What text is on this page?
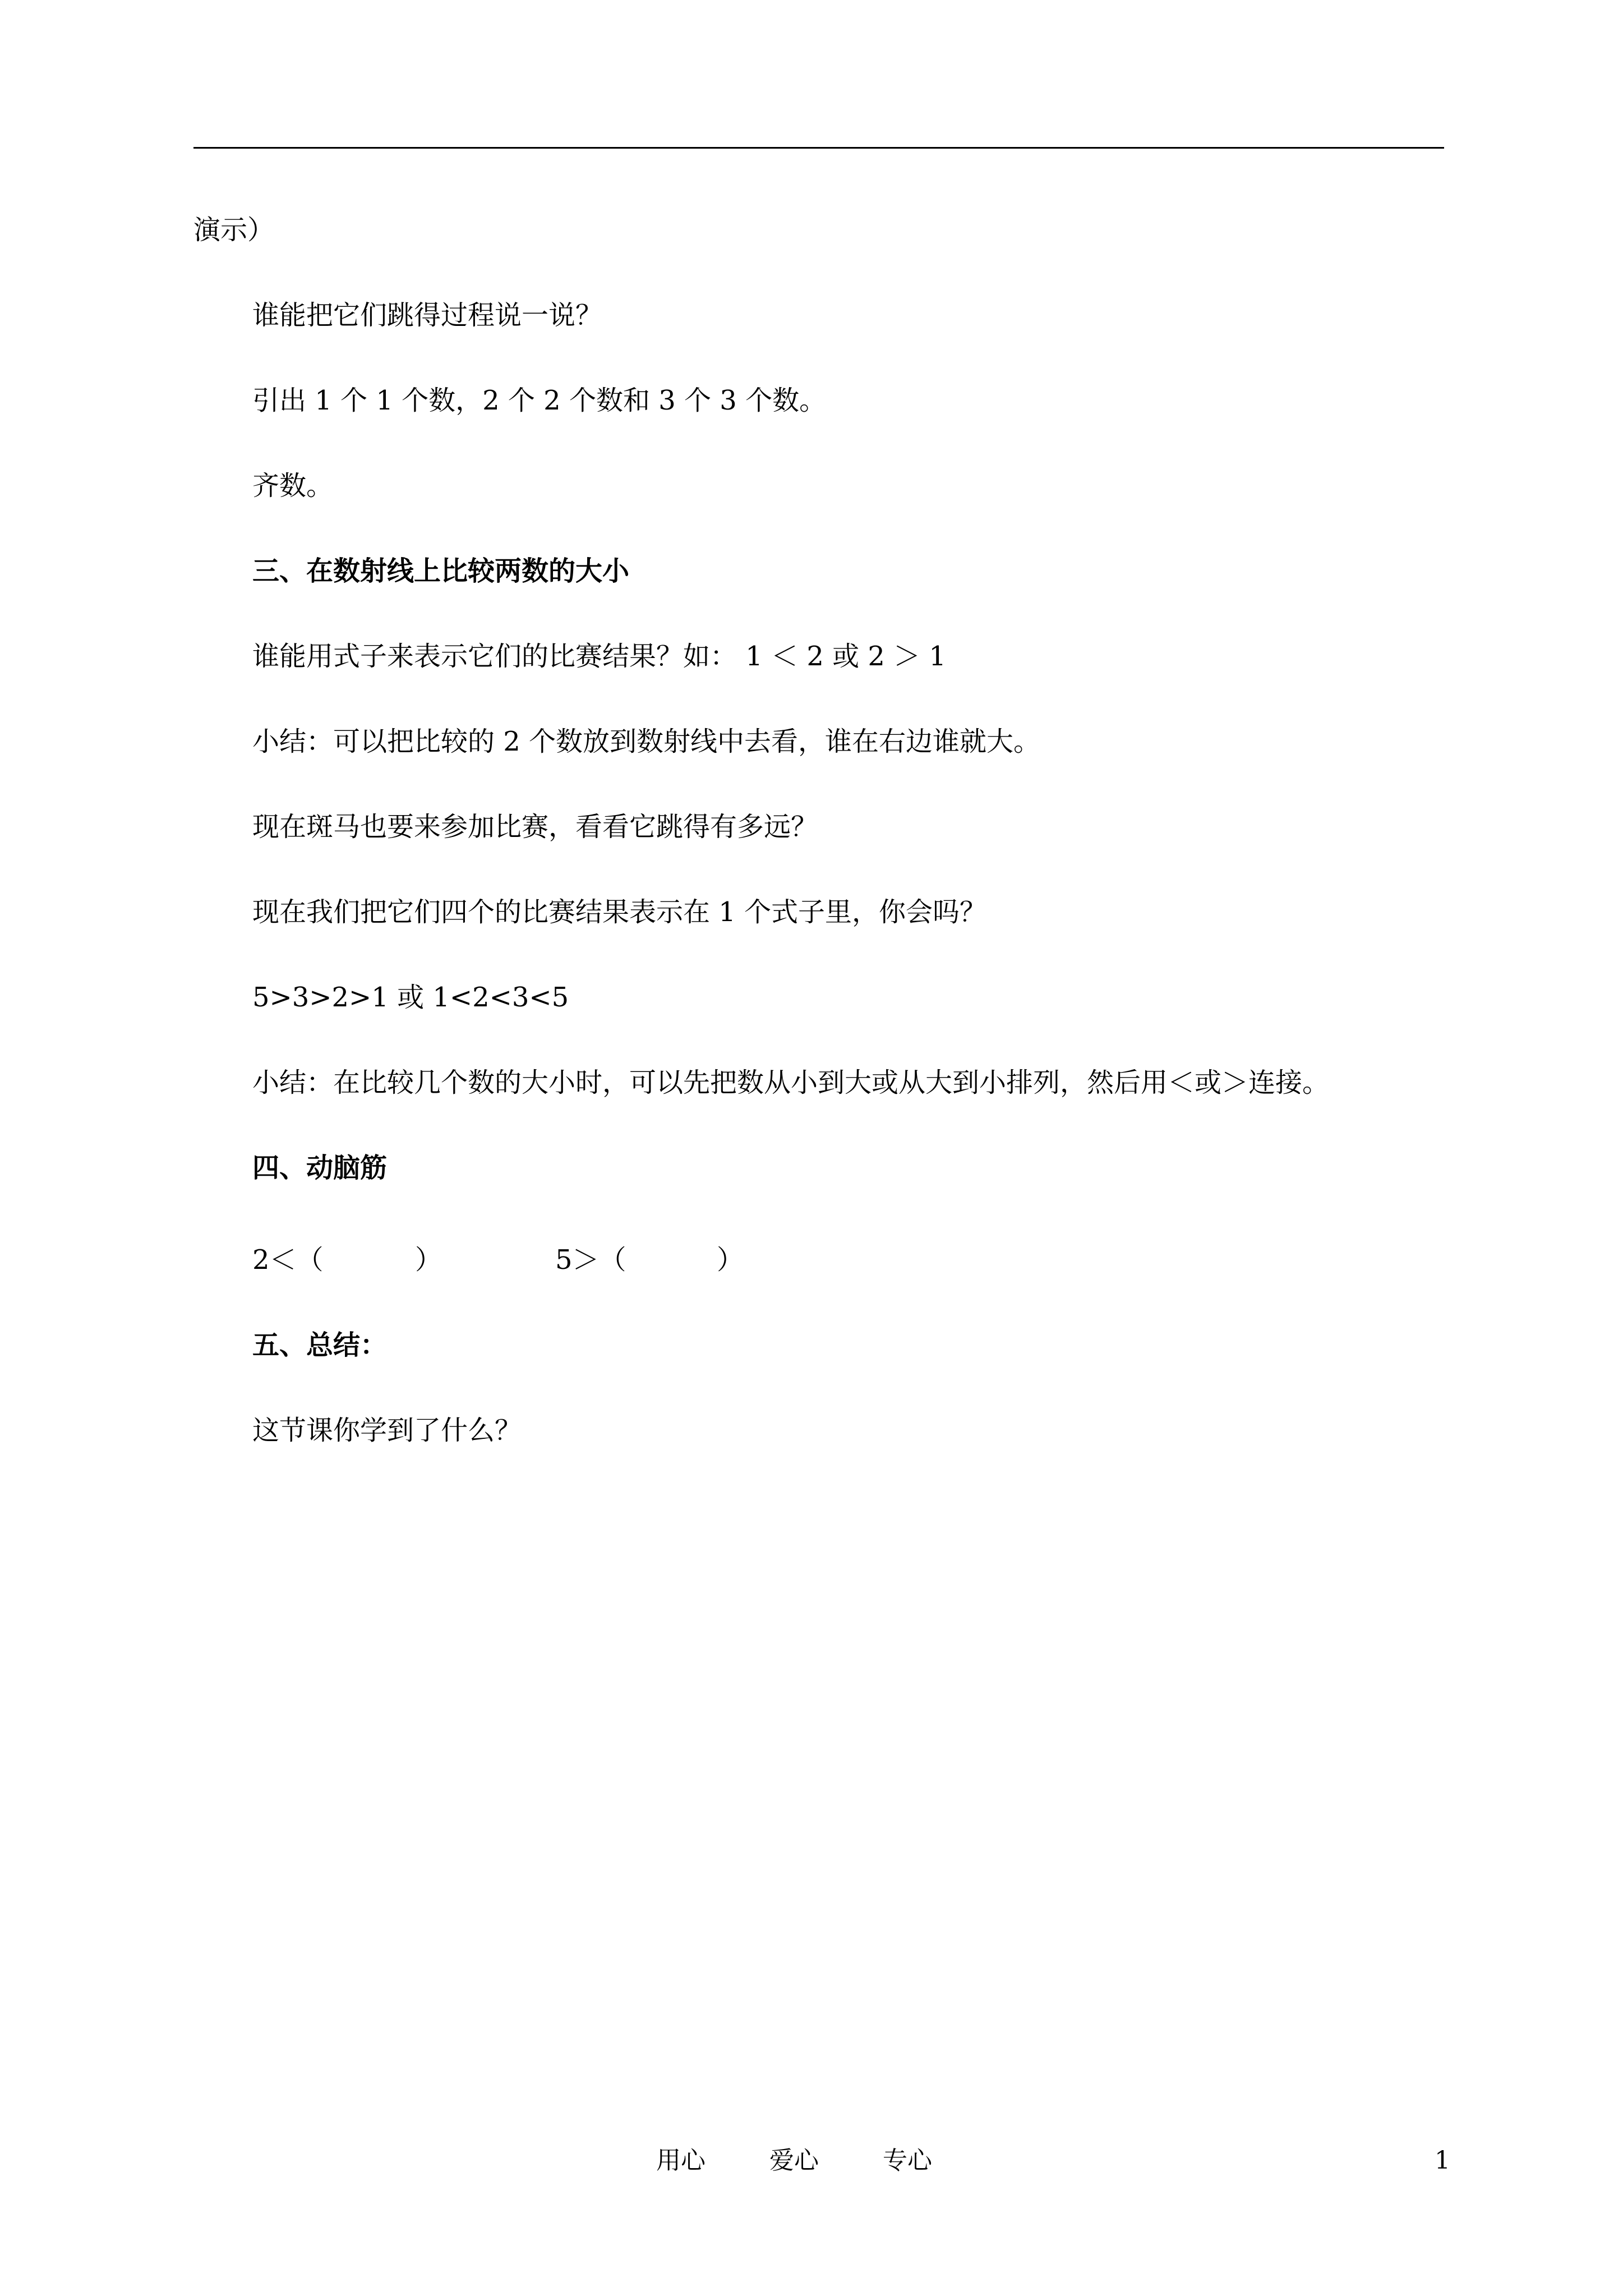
演示）
谁能把它们跳得过程说一说？
引出 1 个 1 个数，2 个 2 个数和 3 个 3 个数。
齐数。
三、在数射线上比较两数的大小
谁能用式子来表示它们的比赛结果？如： 1 ＜ 2 或 2 ＞ 1
小结：可以把比较的 2 个数放到数射线中去看，谁在右边谁就大。
现在斑马也要来参加比赛，看看它跳得有多远？
现在我们把它们四个的比赛结果表示在 1 个式子里，你会吗？
5>3>2>1 或 1<2<3<5
小结：在比较几个数的大小时，可以先把数从小到大或从大到小排列，然后用＜或＞连接。
四、动脑筋

2＜（

	）

	5＞（

	）

五、总结：
这节课你学到了什么？
用心	爱心	专心	1
